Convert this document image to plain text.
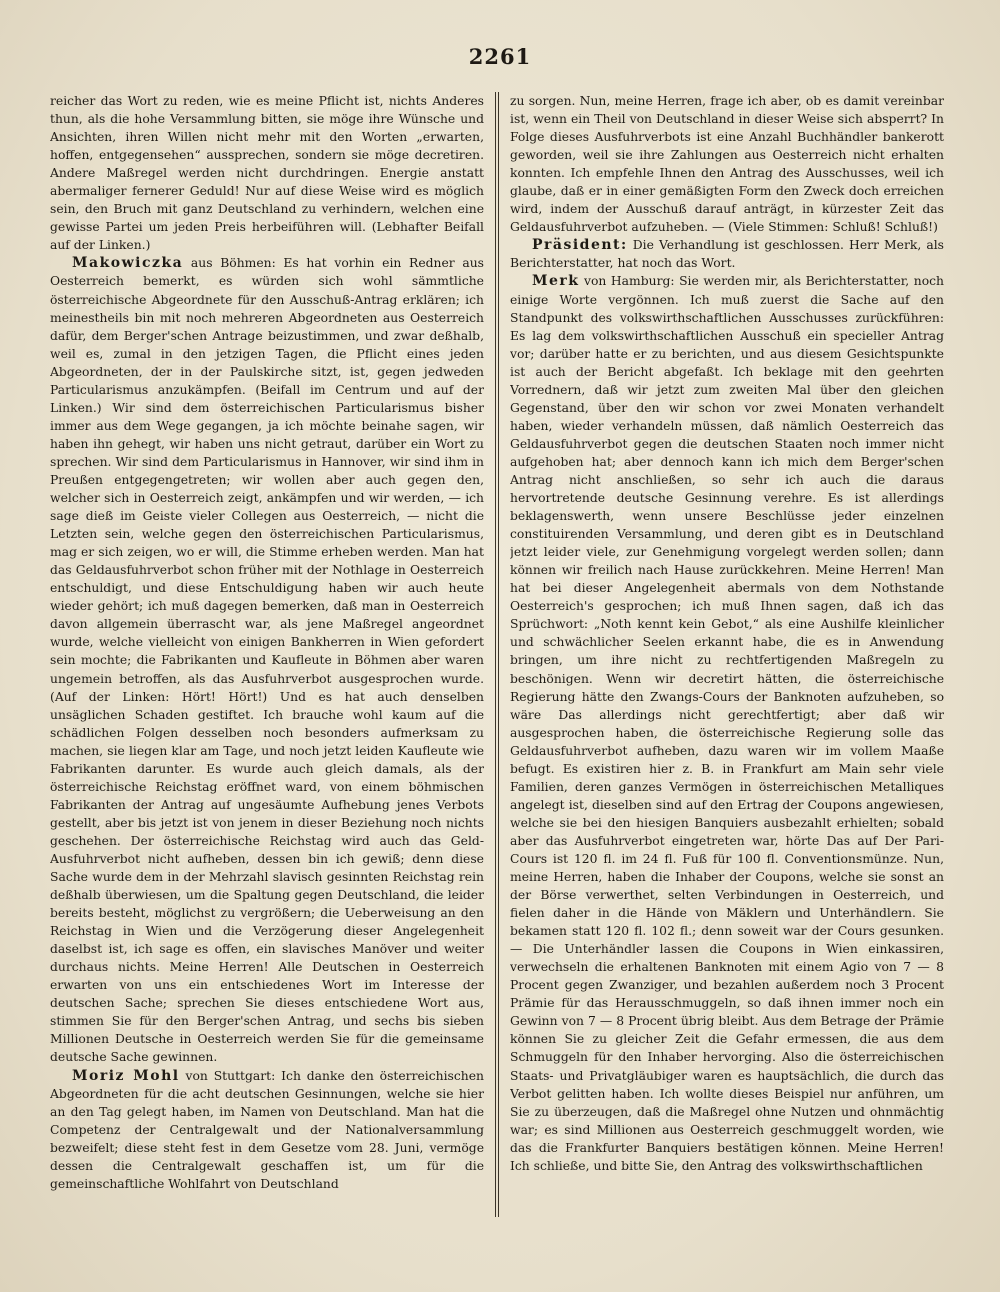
2261

reicher das Wort zu reden, wie es meine Pflicht ist, nichts Anderes thun, als die hohe Versammlung bitten, sie möge ihre Wünsche und Ansichten, ihren Willen nicht mehr mit den Worten „erwarten, hoffen, entgegensehen“ aussprechen, sondern sie möge decretiren. Andere Maßregel werden nicht durchdringen. Energie anstatt abermaliger fernerer Geduld! Nur auf diese Weise wird es möglich sein, den Bruch mit ganz Deutschland zu verhindern, welchen eine gewisse Partei um jeden Preis herbeiführen will. (Lebhafter Beifall auf der Linken.)

Makowiczka aus Böhmen: Es hat vorhin ein Redner aus Oesterreich bemerkt, es würden sich wohl sämmtliche österreichische Abgeordnete für den Ausschuß-Antrag erklären; ich meinestheils bin mit noch mehreren Abgeordneten aus Oesterreich dafür, dem Berger'schen Antrage beizustimmen, und zwar deßhalb, weil es, zumal in den jetzigen Tagen, die Pflicht eines jeden Abgeordneten, der in der Paulskirche sitzt, ist, gegen jedweden Particularismus anzukämpfen. (Beifall im Centrum und auf der Linken.) Wir sind dem österreichischen Particularismus bisher immer aus dem Wege gegangen, ja ich möchte beinahe sagen, wir haben ihn gehegt, wir haben uns nicht getraut, darüber ein Wort zu sprechen. Wir sind dem Particularismus in Hannover, wir sind ihm in Preußen entgegengetreten; wir wollen aber auch gegen den, welcher sich in Oesterreich zeigt, ankämpfen und wir werden, — ich sage dieß im Geiste vieler Collegen aus Oesterreich, — nicht die Letzten sein, welche gegen den österreichischen Particularismus, mag er sich zeigen, wo er will, die Stimme erheben werden. Man hat das Geldausfuhrverbot schon früher mit der Nothlage in Oesterreich entschuldigt, und diese Entschuldigung haben wir auch heute wieder gehört; ich muß dagegen bemerken, daß man in Oesterreich davon allgemein überrascht war, als jene Maßregel angeordnet wurde, welche vielleicht von einigen Bankherren in Wien gefordert sein mochte; die Fabrikanten und Kaufleute in Böhmen aber waren ungemein betroffen, als das Ausfuhrverbot ausgesprochen wurde. (Auf der Linken: Hört! Hört!) Und es hat auch denselben unsäglichen Schaden gestiftet. Ich brauche wohl kaum auf die schädlichen Folgen desselben noch besonders aufmerksam zu machen, sie liegen klar am Tage, und noch jetzt leiden Kaufleute wie Fabrikanten darunter. Es wurde auch gleich damals, als der österreichische Reichstag eröffnet ward, von einem böhmischen Fabrikanten der Antrag auf ungesäumte Aufhebung jenes Verbots gestellt, aber bis jetzt ist von jenem in dieser Beziehung noch nichts geschehen. Der österreichische Reichstag wird auch das Geld-Ausfuhrverbot nicht aufheben, dessen bin ich gewiß; denn diese Sache wurde dem in der Mehrzahl slavisch gesinnten Reichstag rein deßhalb überwiesen, um die Spaltung gegen Deutschland, die leider bereits besteht, möglichst zu vergrößern; die Ueberweisung an den Reichstag in Wien und die Verzögerung dieser Angelegenheit daselbst ist, ich sage es offen, ein slavisches Manöver und weiter durchaus nichts. Meine Herren! Alle Deutschen in Oesterreich erwarten von uns ein entschiedenes Wort im Interesse der deutschen Sache; sprechen Sie dieses entschiedene Wort aus, stimmen Sie für den Berger'schen Antrag, und sechs bis sieben Millionen Deutsche in Oesterreich werden Sie für die gemeinsame deutsche Sache gewinnen.

Moriz Mohl von Stuttgart: Ich danke den österreichischen Abgeordneten für die acht deutschen Gesinnungen, welche sie hier an den Tag gelegt haben, im Namen von Deutschland. Man hat die Competenz der Centralgewalt und der Nationalversammlung bezweifelt; diese steht fest in dem Gesetze vom 28. Juni, vermöge dessen die Centralgewalt geschaffen ist, um für die gemeinschaftliche Wohlfahrt von Deutschland

zu sorgen. Nun, meine Herren, frage ich aber, ob es damit vereinbar ist, wenn ein Theil von Deutschland in dieser Weise sich absperrt? In Folge dieses Ausfuhrverbots ist eine Anzahl Buchhändler bankerott geworden, weil sie ihre Zahlungen aus Oesterreich nicht erhalten konnten. Ich empfehle Ihnen den Antrag des Ausschusses, weil ich glaube, daß er in einer gemäßigten Form den Zweck doch erreichen wird, indem der Ausschuß darauf anträgt, in kürzester Zeit das Geldausfuhrverbot aufzuheben. — (Viele Stimmen: Schluß! Schluß!)

Präsident: Die Verhandlung ist geschlossen. Herr Merk, als Berichterstatter, hat noch das Wort.

Merk von Hamburg: Sie werden mir, als Berichterstatter, noch einige Worte vergönnen. Ich muß zuerst die Sache auf den Standpunkt des volkswirthschaftlichen Ausschusses zurückführen: Es lag dem volkswirthschaftlichen Ausschuß ein specieller Antrag vor; darüber hatte er zu berichten, und aus diesem Gesichtspunkte ist auch der Bericht abgefaßt. Ich beklage mit den geehrten Vorrednern, daß wir jetzt zum zweiten Mal über den gleichen Gegenstand, über den wir schon vor zwei Monaten verhandelt haben, wieder verhandeln müssen, daß nämlich Oesterreich das Geldausfuhrverbot gegen die deutschen Staaten noch immer nicht aufgehoben hat; aber dennoch kann ich mich dem Berger'schen Antrag nicht anschließen, so sehr ich auch die daraus hervortretende deutsche Gesinnung verehre. Es ist allerdings beklagenswerth, wenn unsere Beschlüsse jeder einzelnen constituirenden Versammlung, und deren gibt es in Deutschland jetzt leider viele, zur Genehmigung vorgelegt werden sollen; dann können wir freilich nach Hause zurückkehren. Meine Herren! Man hat bei dieser Angelegenheit abermals von dem Nothstande Oesterreich's gesprochen; ich muß Ihnen sagen, daß ich das Sprüchwort: „Noth kennt kein Gebot,“ als eine Aushilfe kleinlicher und schwächlicher Seelen erkannt habe, die es in Anwendung bringen, um ihre nicht zu rechtfertigenden Maßregeln zu beschönigen. Wenn wir decretirt hätten, die österreichische Regierung hätte den Zwangs-Cours der Banknoten aufzuheben, so wäre Das allerdings nicht gerechtfertigt; aber daß wir ausgesprochen haben, die österreichische Regierung solle das Geldausfuhrverbot aufheben, dazu waren wir im vollem Maaße befugt. Es existiren hier z. B. in Frankfurt am Main sehr viele Familien, deren ganzes Vermögen in österreichischen Metalliques angelegt ist, dieselben sind auf den Ertrag der Coupons angewiesen, welche sie bei den hiesigen Banquiers ausbezahlt erhielten; sobald aber das Ausfuhrverbot eingetreten war, hörte Das auf Der Pari-Cours ist 120 fl. im 24 fl. Fuß für 100 fl. Conventionsmünze. Nun, meine Herren, haben die Inhaber der Coupons, welche sie sonst an der Börse verwerthet, selten Verbindungen in Oesterreich, und fielen daher in die Hände von Mäklern und Unterhändlern. Sie bekamen statt 120 fl. 102 fl.; denn soweit war der Cours gesunken. — Die Unterhändler lassen die Coupons in Wien einkassiren, verwechseln die erhaltenen Banknoten mit einem Agio von 7 — 8 Procent gegen Zwanziger, und bezahlen außerdem noch 3 Procent Prämie für das Herausschmuggeln, so daß ihnen immer noch ein Gewinn von 7 — 8 Procent übrig bleibt. Aus dem Betrage der Prämie können Sie zu gleicher Zeit die Gefahr ermessen, die aus dem Schmuggeln für den Inhaber hervorging. Also die österreichischen Staats- und Privatgläubiger waren es hauptsächlich, die durch das Verbot gelitten haben. Ich wollte dieses Beispiel nur anführen, um Sie zu überzeugen, daß die Maßregel ohne Nutzen und ohnmächtig war; es sind Millionen aus Oesterreich geschmuggelt worden, wie das die Frankfurter Banquiers bestätigen können. Meine Herren! Ich schließe, und bitte Sie, den Antrag des volkswirthschaftlichen
